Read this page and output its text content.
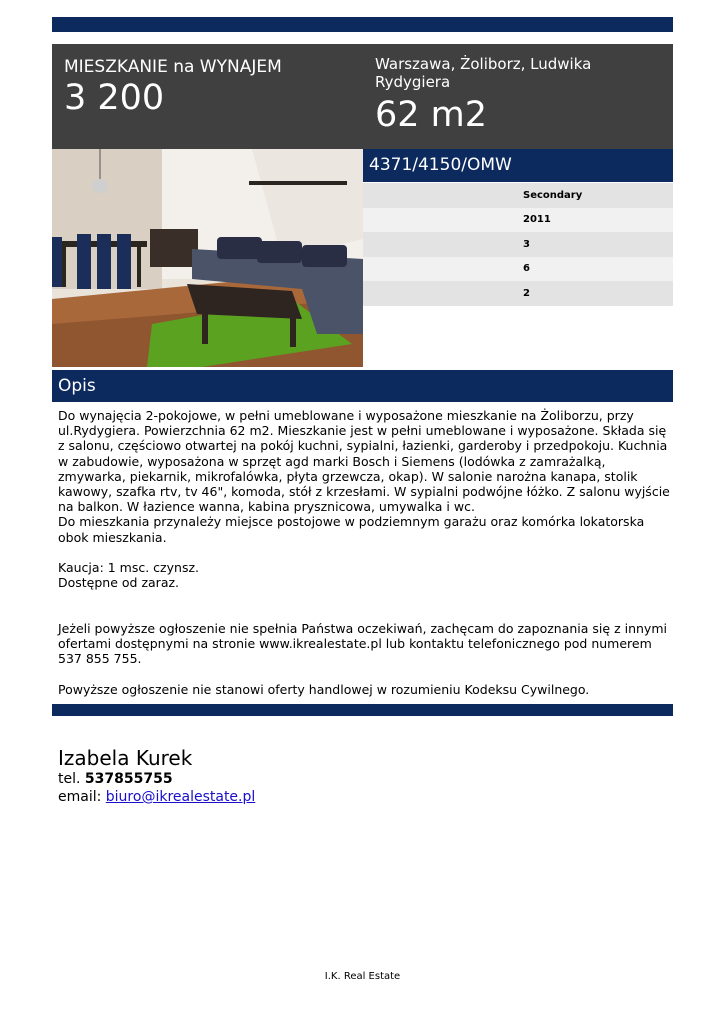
MIESZKANIE na WYNAJEM
3 200
Warszawa, Żoliborz, Ludwika Rydygiera
62 m2
4371/4150/OMW
Secondary
2011
3
6
2
Opis

Do wynajęcia 2-pokojowe, w pełni umeblowane i wyposażone mieszkanie na Żoliborzu, przy ul.Rydygiera. Powierzchnia 62 m2. Mieszkanie jest w pełni umeblowane i wyposażone. Składa się z salonu, częściowo otwartej na pokój kuchni, sypialni, łazienki, garderoby i przedpokoju. Kuchnia w zabudowie, wyposażona w sprzęt agd marki Bosch i Siemens (lodówka z zamrażalką, zmywarka, piekarnik, mikrofalówka, płyta grzewcza, okap). W salonie narożna kanapa, stolik kawowy, szafka rtv, tv 46", komoda, stół z krzesłami. W sypialni podwójne łóżko. Z salonu wyjście na balkon. W łazience wanna, kabina prysznicowa, umywalka i wc.

Do mieszkania przynależy miejsce postojowe w podziemnym garażu oraz komórka lokatorska obok mieszkania.

Kaucja: 1 msc. czynsz.

Dostępne od zaraz.

Jeżeli powyższe ogłoszenie nie spełnia Państwa oczekiwań, zachęcam do zapoznania się z innymi ofertami dostępnymi na stronie www.ikrealestate.pl lub kontaktu telefonicznego pod numerem 537 855 755.

Powyższe ogłoszenie nie stanowi oferty handlowej w rozumieniu Kodeksu Cywilnego.

Izabela Kurek
tel. 537855755
email: biuro@ikrealestate.pl
I.K. Real Estate
